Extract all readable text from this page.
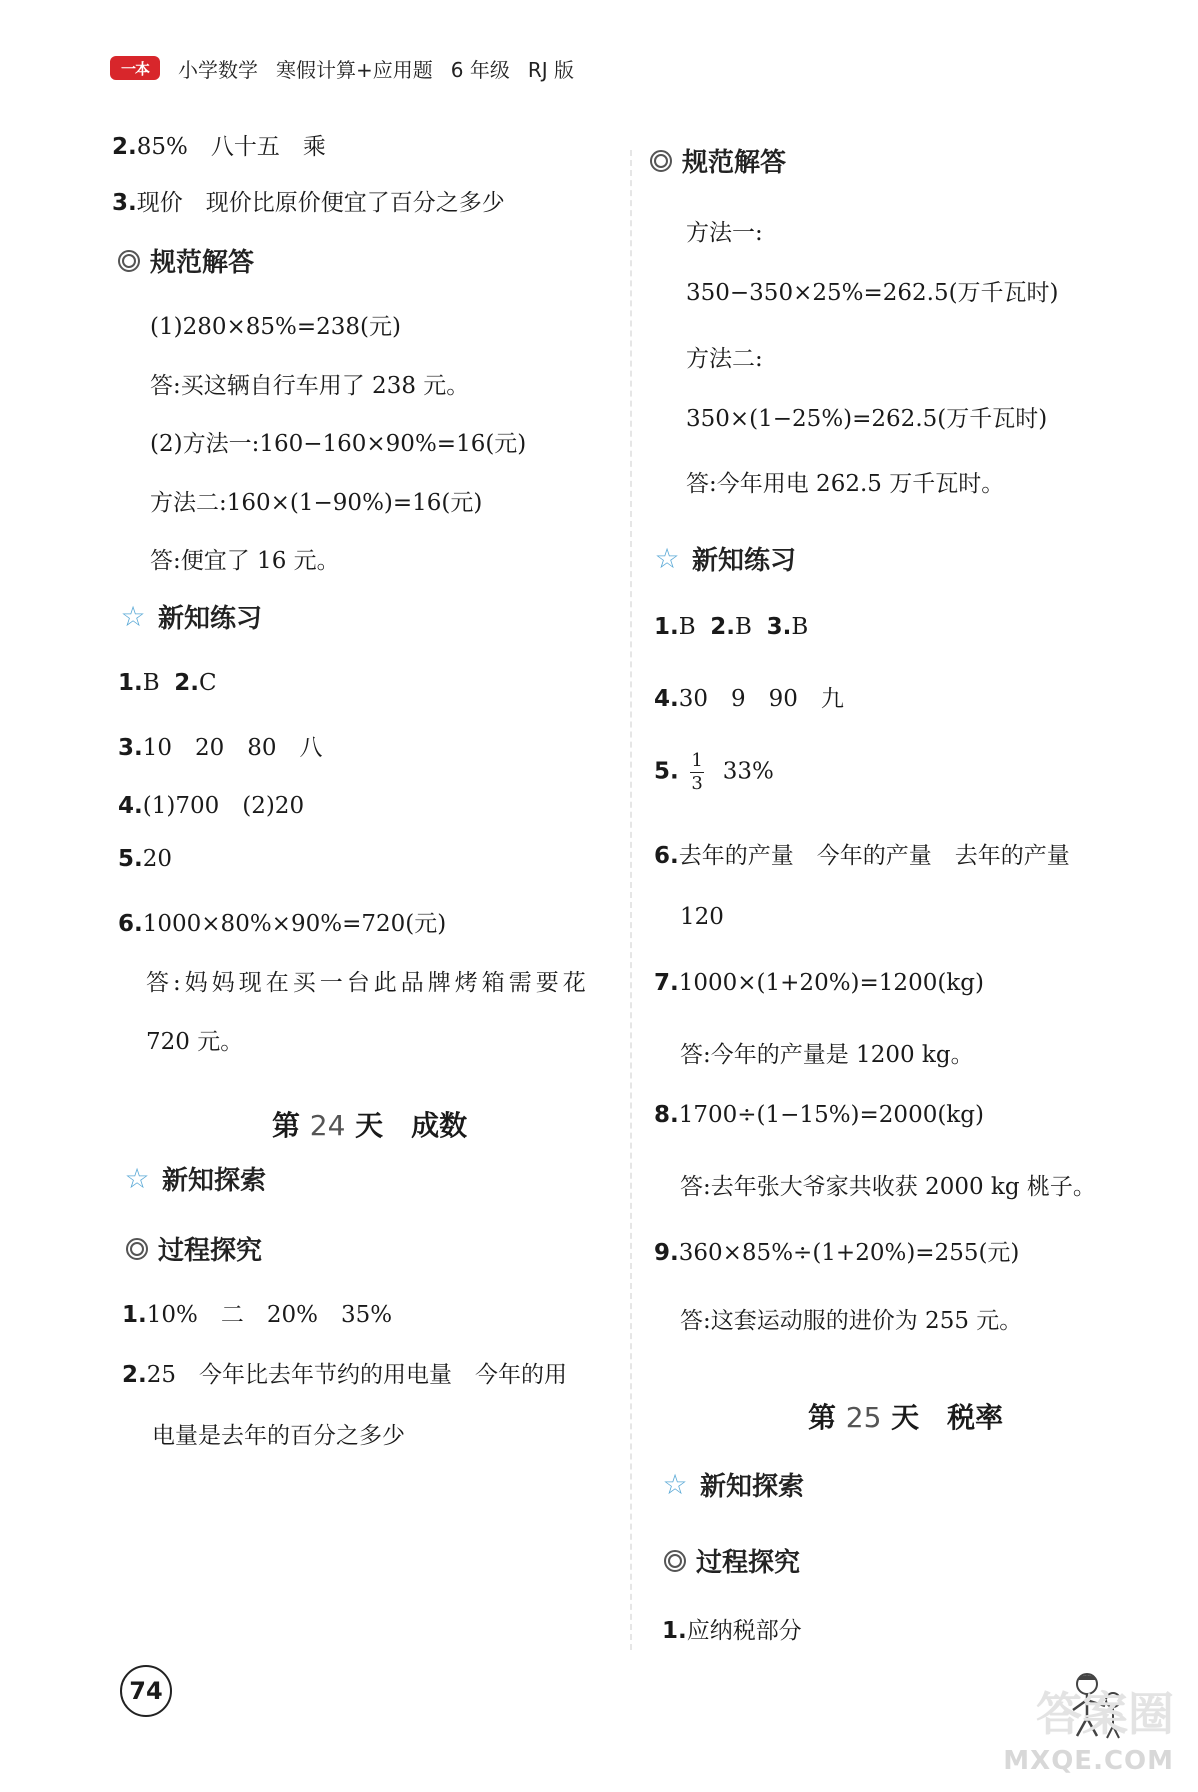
一本 小学数学 寒假计算+应用题 6 年级 RJ 版
2.85%　八十五　乘
3.现价　现价比原价便宜了百分之多少
规范解答
(1)280×85%=238(元)
答:买这辆自行车用了 238 元。
(2)方法一:160−160×90%=16(元)
方法二:160×(1−90%)=16(元)
答:便宜了 16 元。
☆ 新知练习
1.B 2.C
3.10　20　80　八
4.(1)700　(2)20
5.20
6.1000×80%×90%=720(元)
答:妈妈现在买一台此品牌烤箱需要花
720 元。
第 24 天　成数
☆ 新知探索
过程探究
1.10%　二　20%　35%
2.25　今年比去年节约的用电量　今年的用
电量是去年的百分之多少
规范解答
方法一:
350−350×25%=262.5(万千瓦时)
方法二:
350×(1−25%)=262.5(万千瓦时)
答:今年用电 262.5 万千瓦时。
☆ 新知练习
1.B 2.B 3.B
4.30　9　90　九
5. $\frac{1}{3} 33\%$
6.去年的产量　今年的产量　去年的产量
120
7.1000×(1+20%)=1200(kg)
答:今年的产量是 1200 kg。
8.1700÷(1−15%)=2000(kg)
答:去年张大爷家共收获 2000 kg 桃子。
9.360×85%÷(1+20%)=255(元)
答:这套运动服的进价为 255 元。
第 25 天　税率
☆ 新知探索
过程探究
1.应纳税部分
74	答案圈
MXQE.COM
